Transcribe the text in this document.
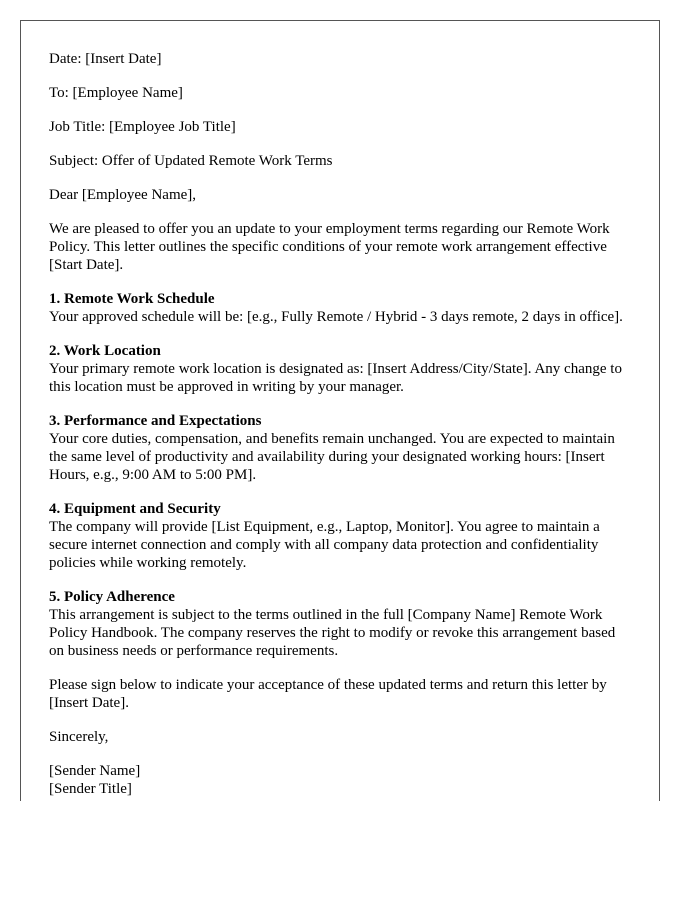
Date: [Insert Date]

To: [Employee Name]

Job Title: [Employee Job Title]

Subject: Offer of Updated Remote Work Terms

Dear [Employee Name],

We are pleased to offer you an update to your employment terms regarding our Remote Work Policy. This letter outlines the specific conditions of your remote work arrangement effective [Start Date].

1. Remote Work Schedule
Your approved schedule will be: [e.g., Fully Remote / Hybrid - 3 days remote, 2 days in office].
2. Work Location
Your primary remote work location is designated as: [Insert Address/City/State]. Any change to this location must be approved in writing by your manager.
3. Performance and Expectations
Your core duties, compensation, and benefits remain unchanged. You are expected to maintain the same level of productivity and availability during your designated working hours: [Insert Hours, e.g., 9:00 AM to 5:00 PM].
4. Equipment and Security
The company will provide [List Equipment, e.g., Laptop, Monitor]. You agree to maintain a secure internet connection and comply with all company data protection and confidentiality policies while working remotely.
5. Policy Adherence
This arrangement is subject to the terms outlined in the full [Company Name] Remote Work Policy Handbook. The company reserves the right to modify or revoke this arrangement based on business needs or performance requirements.

Please sign below to indicate your acceptance of these updated terms and return this letter by [Insert Date].

Sincerely,

[Sender Name]
[Sender Title]
